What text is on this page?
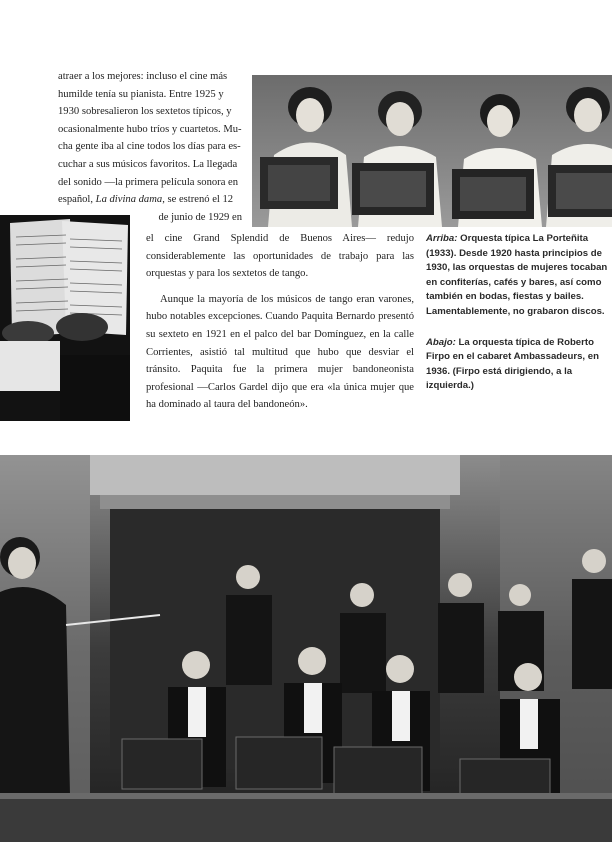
atraer a los mejores: incluso el cine más

humilde tenía su pianista. Entre 1925 y

1930 sobresalieron los sextetos típicos, y

ocasionalmente hubo tríos y cuartetos. Mu-

cha gente iba al cine todos los días para es-

cuchar a sus músicos favoritos. La llegada

del sonido —la primera película sonora en

español, La divina dama, se estrenó el 12

de junio de 1929 en

el cine Grand Splendid de Buenos Aires— redujo considerablemente las oportunidades de trabajo para las orquestas y para los sextetos de tango.

Aunque la mayoría de los músicos de tango eran varones, hubo notables excepciones. Cuando Paquita Bernardo presentó su sexteto en 1921 en el palco del bar Domínguez, en la calle Corrientes, asistió tal multitud que hubo que desviar el tránsito. Paquita fue la primera mujer bandoneonista profesional —Carlos Gardel dijo que era «la única mujer que ha dominado al taura del bandoneón».

Arriba: Orquesta típica La Porteñita (1933). Desde 1920 hasta principios de 1930, las orquestas de mujeres tocaban en confiterías, cafés y bares, así como también en bodas, fiestas y bailes. Lamentablemente, no grabaron discos.

Abajo: La orquesta típica de Roberto Firpo en el cabaret Ambassadeurs, en 1936. (Firpo está dirigiendo, a la izquierda.)
